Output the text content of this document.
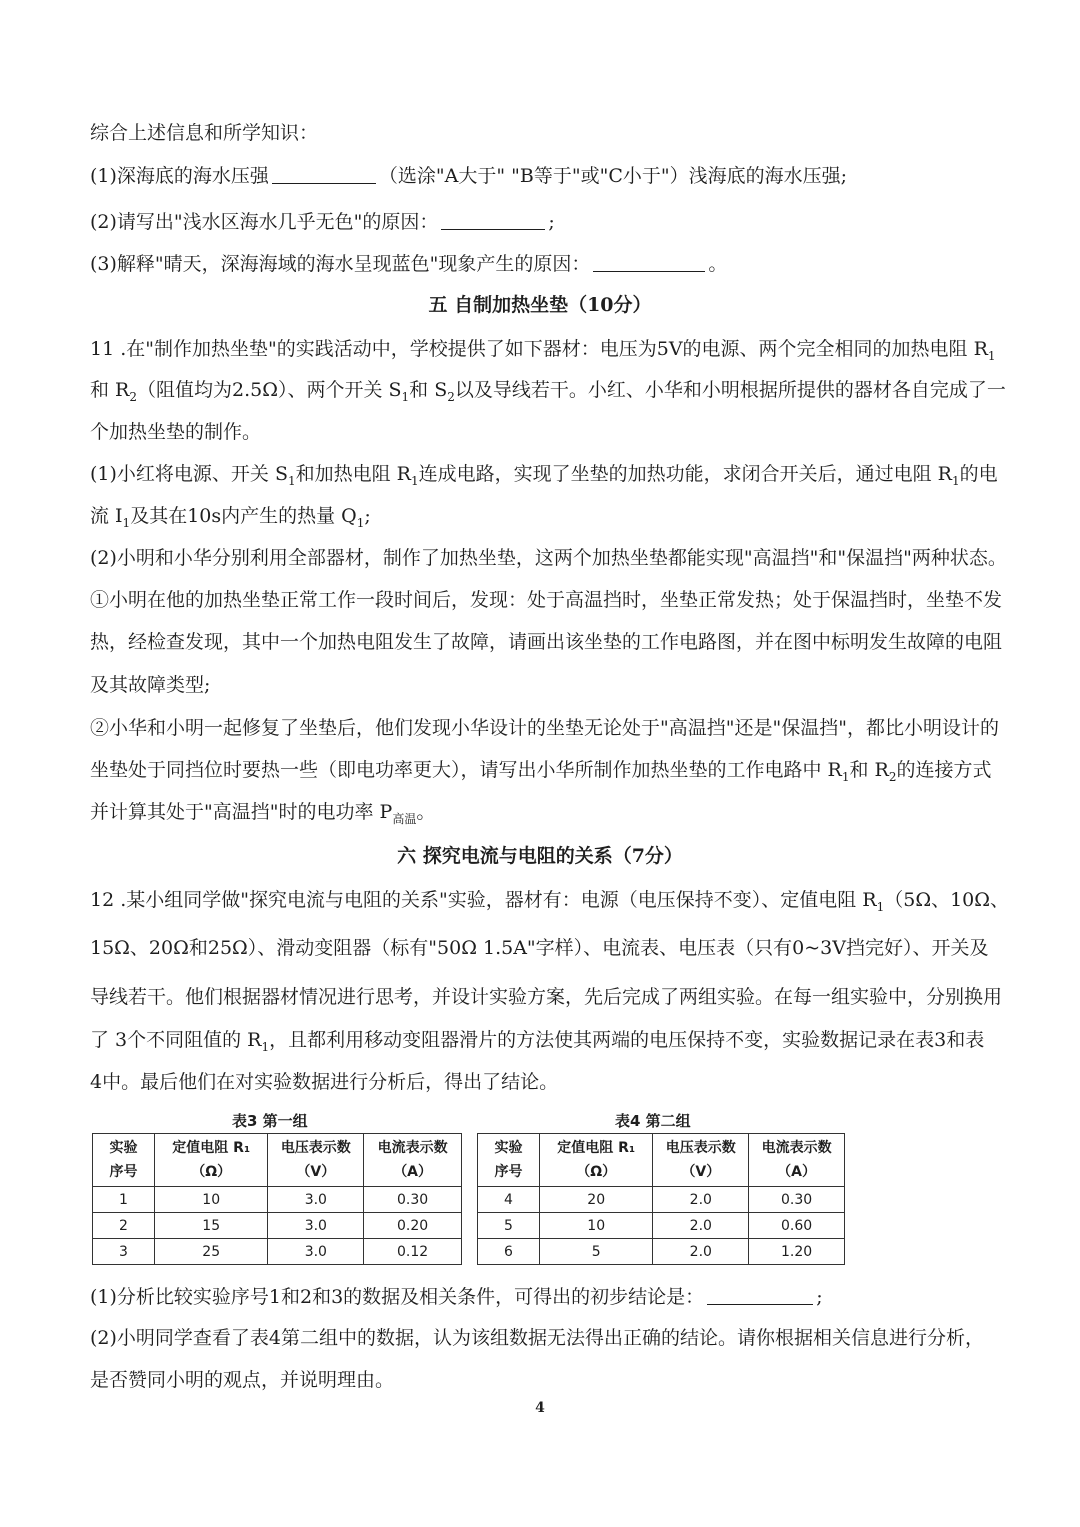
综合上述信息和所学知识：
(1)深海底的海水压强	（选涂"A大于" "B等于"或"C小于"）浅海底的海水压强;
(2)请写出"浅水区海水几乎无色"的原因：	;
(3)解释"晴天，深海海域的海水呈现蓝色"现象产生的原因：	。
五 自制加热坐垫（10分）
11 .在"制作加热坐垫"的实践活动中，学校提供了如下器材：电压为5V的电源、两个完全相同的加热电阻 $R_1$
和 $R_2$（阻值均为2.5Ω）、两个开关 $S_1$和 $S_2$以及导线若干。小红、小华和小明根据所提供的器材各自完成了一
个加热坐垫的制作。
(1)小红将电源、开关 $S_1$和加热电阻 $R_1$连成电路，实现了坐垫的加热功能，求闭合开关后，通过电阻 $R_1$的电
流 $I_1$及其在10s内产生的热量 $Q_1$;
(2)小明和小华分别利用全部器材，制作了加热坐垫，这两个加热坐垫都能实现"高温挡"和"保温挡"两种状态。
①小明在他的加热坐垫正常工作一段时间后，发现：处于高温挡时，坐垫正常发热；处于保温挡时，坐垫不发
热，经检查发现，其中一个加热电阻发生了故障，请画出该坐垫的工作电路图，并在图中标明发生故障的电阻
及其故障类型;
②小华和小明一起修复了坐垫后，他们发现小华设计的坐垫无论处于"高温挡"还是"保温挡"，都比小明设计的
坐垫处于同挡位时要热一些（即电功率更大），请写出小华所制作加热坐垫的工作电路中 $R_1$和 $R_2$的连接方式
并计算其处于"高温挡"时的电功率 $P_{高温}$。
六 探究电流与电阻的关系（7分）
12 .某小组同学做"探究电流与电阻的关系"实验，器材有：电源（电压保持不变）、定值电阻 $R_1(5\Omega$、10Ω、
15Ω、20Ω和25Ω）、滑动变阻器（标有"50Ω 1.5A"字样）、电流表、电压表（只有0~3V挡完好）、开关及
导线若干。他们根据器材情况进行思考，并设计实验方案，先后完成了两组实验。在每一组实验中，分别换用
了 3个不同阻值的 $R_1$，且都利用移动变阻器滑片的方法使其两端的电压保持不变，实验数据记录在表3和表
4中。最后他们在对实验数据进行分析后，得出了结论。
表3 第一组	表4 第二组
实验
序号	定值电阻 R₁
（Ω）	电压表示数
（V）	电流表示数
（A）
1	10	3.0	0.30
2	15	3.0	0.20
3	25	3.0	0.12
实验
序号	定值电阻 R₁
（Ω）	电压表示数
（V）	电流表示数
（A）
4	20	2.0	0.30
5	10	2.0	0.60
6	5	2.0	1.20
(1)分析比较实验序号1和2和3的数据及相关条件，可得出的初步结论是：	;
(2)小明同学查看了表4第二组中的数据，认为该组数据无法得出正确的结论。请你根据相关信息进行分析，
是否赞同小明的观点，并说明理由。
4
